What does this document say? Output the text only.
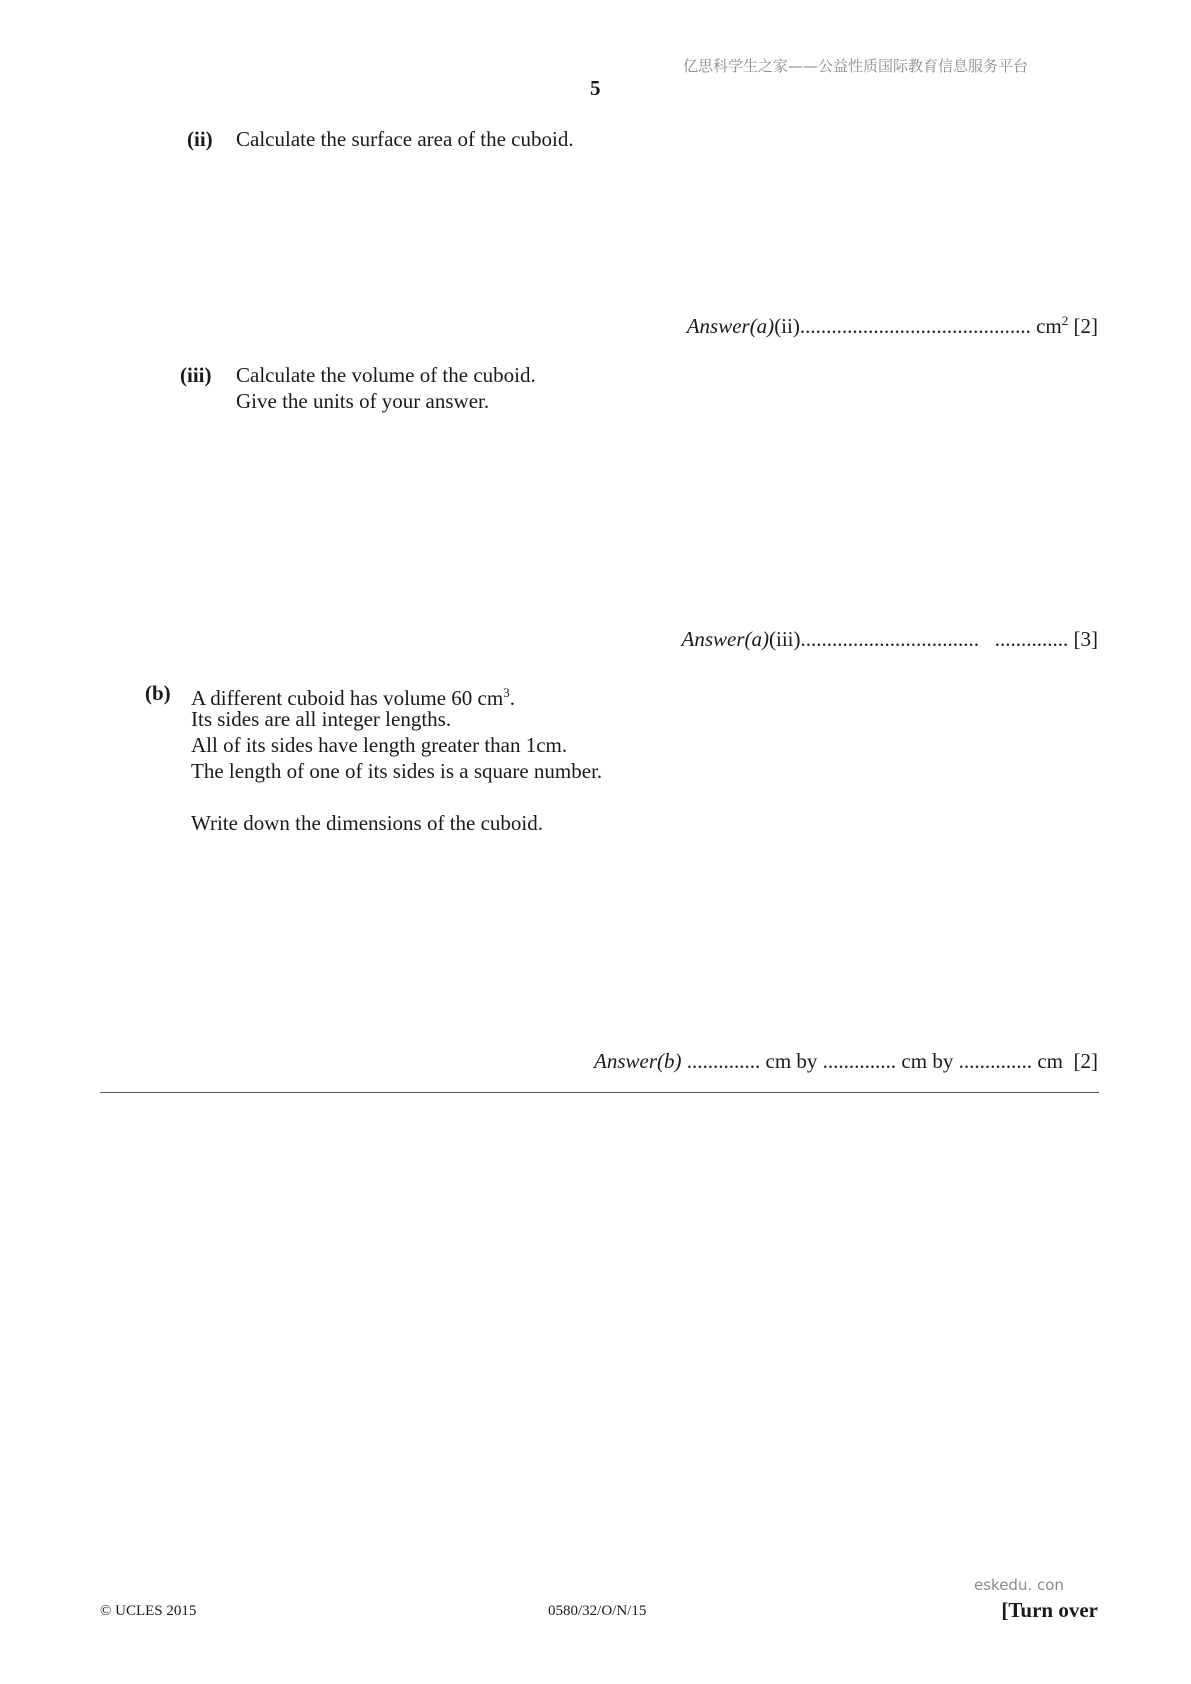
亿思科学生之家——公益性质国际教育信息服务平台
5
(ii) Calculate the surface area of the cuboid.
Answer(a)(ii)............................................ $cm^2$ [2]
(iii) Calculate the volume of the cuboid.
Give the units of your answer.
Answer(a)(iii)..................................   .............. [3]
(b) A different cuboid has volume 60 $cm^3$.
Its sides are all integer lengths.
All of its sides have length greater than 1cm.
The length of one of its sides is a square number.
Write down the dimensions of the cuboid.
Answer(b) .............. cm by .............. cm by .............. cm [2]
eskedu. con
© UCLES 2015	0580/32/O/N/15	[Turn over
